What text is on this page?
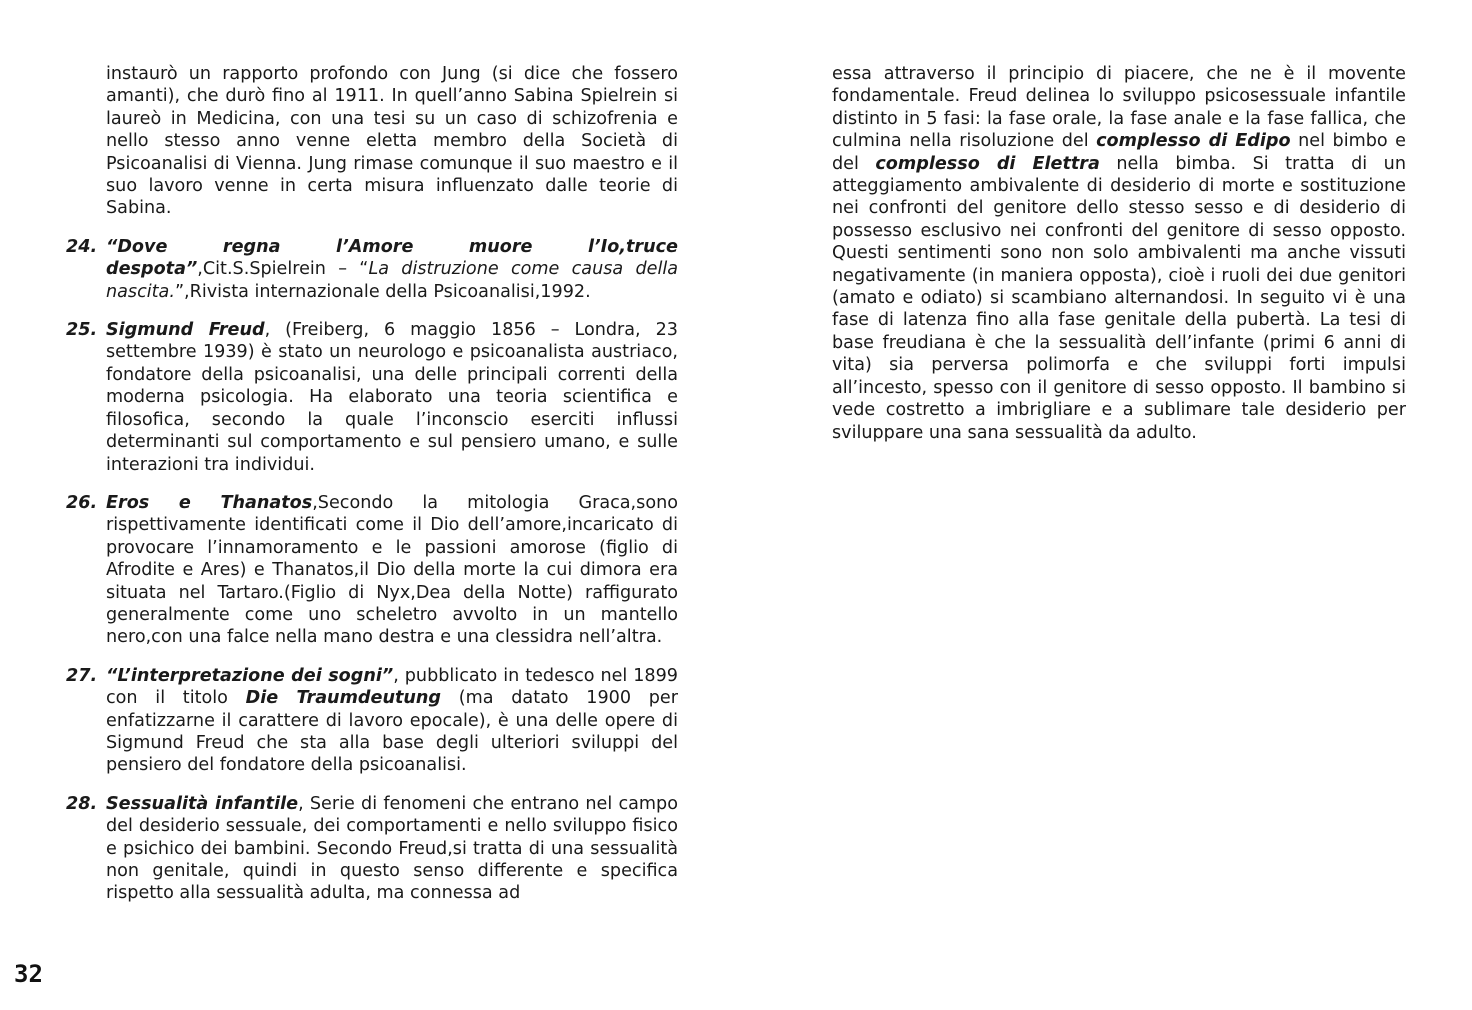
instaurò un rapporto profondo con Jung (si dice che fossero amanti), che durò fino al 1911. In quell’anno Sabina Spielrein si laureò in Medicina, con una tesi su un caso di schizofrenia e nello stesso anno venne eletta membro della Società di Psicoanalisi di Vienna. Jung rimase comunque il suo maestro e il suo lavoro venne in certa misura influenzato dalle teorie di Sabina.

24. “Dove regna l’Amore muore l’Io,truce despota”,Cit.S.Spielrein – “La distruzione come causa della nascita.”,Rivista internazionale della Psicoanalisi,1992.

25. Sigmund Freud, (Freiberg, 6 maggio 1856 – Londra, 23 settembre 1939) è stato un neurologo e psicoanalista austriaco, fondatore della psicoanalisi, una delle principali correnti della moderna psicologia. Ha elaborato una teoria scientifica e filosofica, secondo la quale l’inconscio eserciti influssi determinanti sul comportamento e sul pensiero umano, e sulle interazioni tra individui.

26. Eros e Thanatos,Secondo la mitologia Graca,sono rispettivamente identificati come il Dio dell’amore,incaricato di provocare l’innamoramento e le passioni amorose (figlio di Afrodite e Ares) e Thanatos,il Dio della morte la cui dimora era situata nel Tartaro.(Figlio di Nyx,Dea della Notte) raffigurato generalmente come uno scheletro avvolto in un mantello nero,con una falce nella mano destra e una clessidra nell’altra.

27. “L’interpretazione dei sogni”, pubblicato in tedesco nel 1899 con il titolo Die Traumdeutung (ma datato 1900 per enfatizzarne il carattere di lavoro epocale), è una delle opere di Sigmund Freud che sta alla base degli ulteriori sviluppi del pensiero del fondatore della psicoanalisi.

28. Sessualità infantile, Serie di fenomeni che entrano nel campo del desiderio sessuale, dei comportamenti e nello sviluppo fisico e psichico dei bambini. Secondo Freud,si tratta di una sessualità non genitale, quindi in questo senso differente e specifica rispetto alla sessualità adulta, ma connessa ad

essa attraverso il principio di piacere, che ne è il movente fondamentale. Freud delinea lo sviluppo psicosessuale infantile distinto in 5 fasi: la fase orale, la fase anale e la fase fallica, che culmina nella risoluzione del complesso di Edipo nel bimbo e del complesso di Elettra nella bimba. Si tratta di un atteggiamento ambivalente di desiderio di morte e sostituzione nei confronti del genitore dello stesso sesso e di desiderio di possesso esclusivo nei confronti del genitore di sesso opposto. Questi sentimenti sono non solo ambivalenti ma anche vissuti negativamente (in maniera opposta), cioè i ruoli dei due genitori (amato e odiato) si scambiano alternandosi. In seguito vi è una fase di latenza fino alla fase genitale della pubertà. La tesi di base freudiana è che la sessualità dell’infante (primi 6 anni di vita) sia perversa polimorfa e che sviluppi forti impulsi all’incesto, spesso con il genitore di sesso opposto. Il bambino si vede costretto a imbrigliare e a sublimare tale desiderio per sviluppare una sana sessualità da adulto.

32
